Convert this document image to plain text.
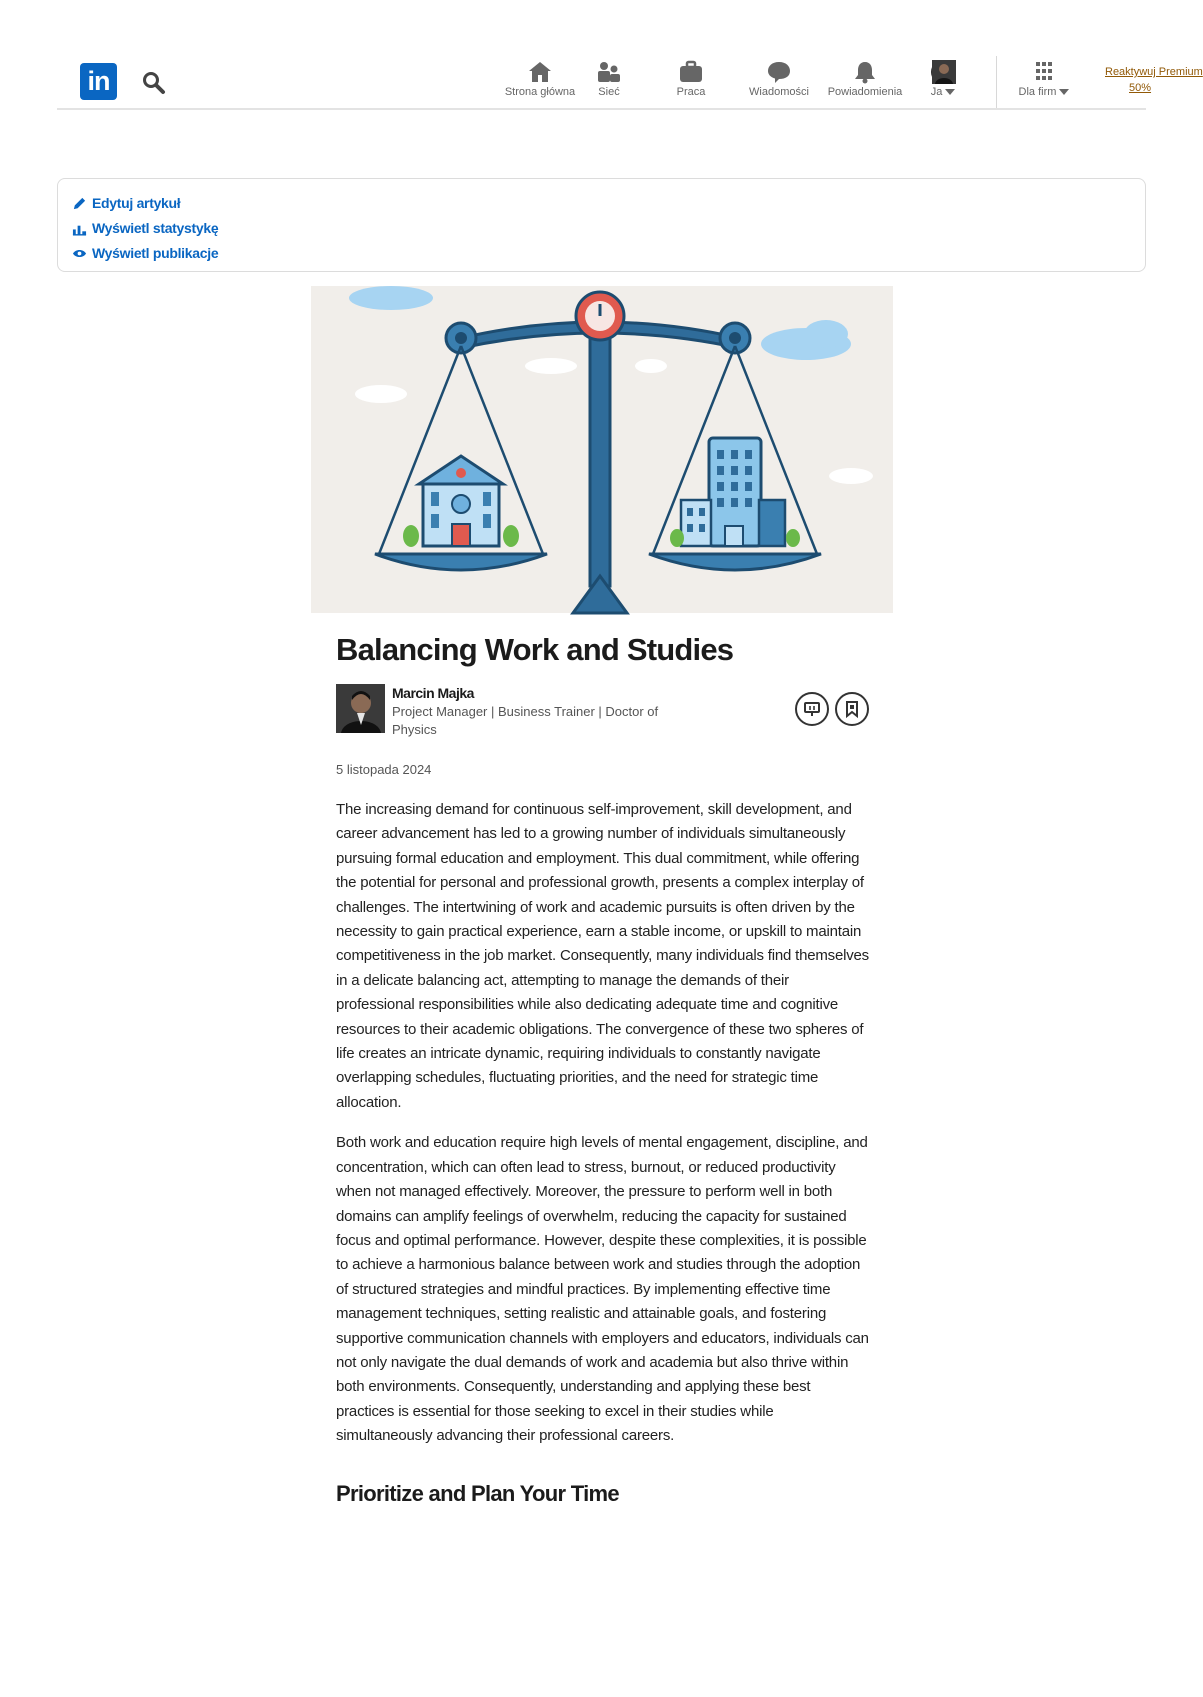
in	Strona główna Sieć	Praca	Wiadomości Powiadomienia	Ja	Dla firm
Reaktywuj Premium
50%
Edytuj artykuł
Wyświetl statystykę
Wyświetl publikacje
Balancing Work and Studies
Marcin Majka
Project Manager | Business Trainer | Doctor of Physics
5 listopada 2024

The increasing demand for continuous self-improvement, skill development, and career advancement has led to a growing number of individuals simultaneously pursuing formal education and employment. This dual commitment, while offering the potential for personal and professional growth, presents a complex interplay of challenges. The intertwining of work and academic pursuits is often driven by the necessity to gain practical experience, earn a stable income, or upskill to maintain competitiveness in the job market. Consequently, many individuals find themselves in a delicate balancing act, attempting to manage the demands of their professional responsibilities while also dedicating adequate time and cognitive resources to their academic obligations. The convergence of these two spheres of life creates an intricate dynamic, requiring individuals to constantly navigate overlapping schedules, fluctuating priorities, and the need for strategic time allocation.

Both work and education require high levels of mental engagement, discipline, and concentration, which can often lead to stress, burnout, or reduced productivity when not managed effectively. Moreover, the pressure to perform well in both domains can amplify feelings of overwhelm, reducing the capacity for sustained focus and optimal performance. However, despite these complexities, it is possible to achieve a harmonious balance between work and studies through the adoption of structured strategies and mindful practices. By implementing effective time management techniques, setting realistic and attainable goals, and fostering supportive communication channels with employers and educators, individuals can not only navigate the dual demands of work and academia but also thrive within both environments. Consequently, understanding and applying these best practices is essential for those seeking to excel in their studies while simultaneously advancing their professional careers.

Prioritize and Plan Your Time
